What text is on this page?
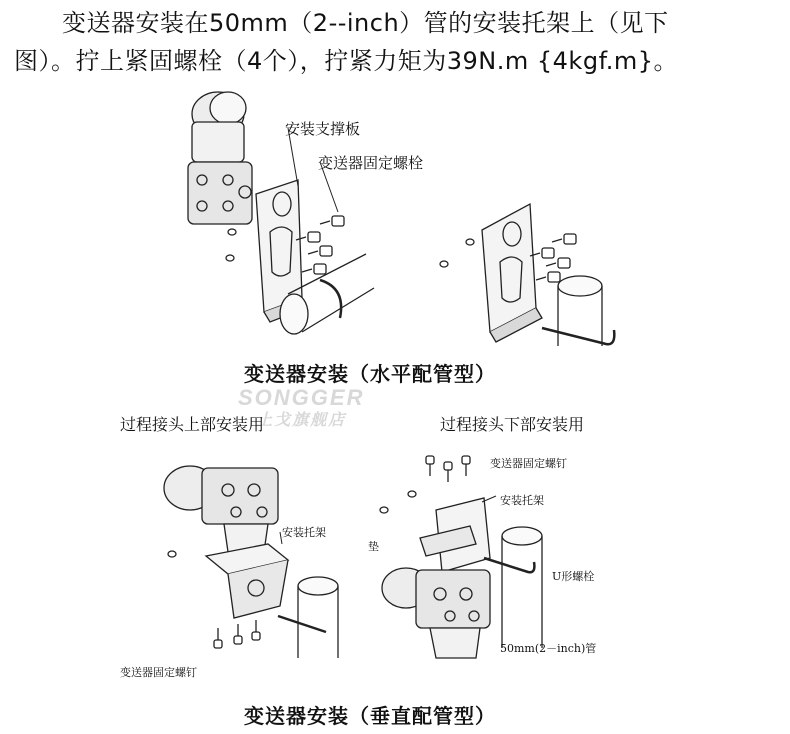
变送器安装在50mm（2--inch）管的安装托架上（见下
图）。拧上紧固螺栓（4个），拧紧力矩为39N.m {4kgf.m}。
安装支撑板
变送器固定螺栓
变送器安装（水平配管型）
SONGGER
上戈旗舰店
过程接头上部安装用	过程接头下部安装用
安装托架
变送器固定螺钉
变送器固定螺钉
安装托架
垫
U形螺栓
50mm(2－inch)管
变送器安装（垂直配管型）
